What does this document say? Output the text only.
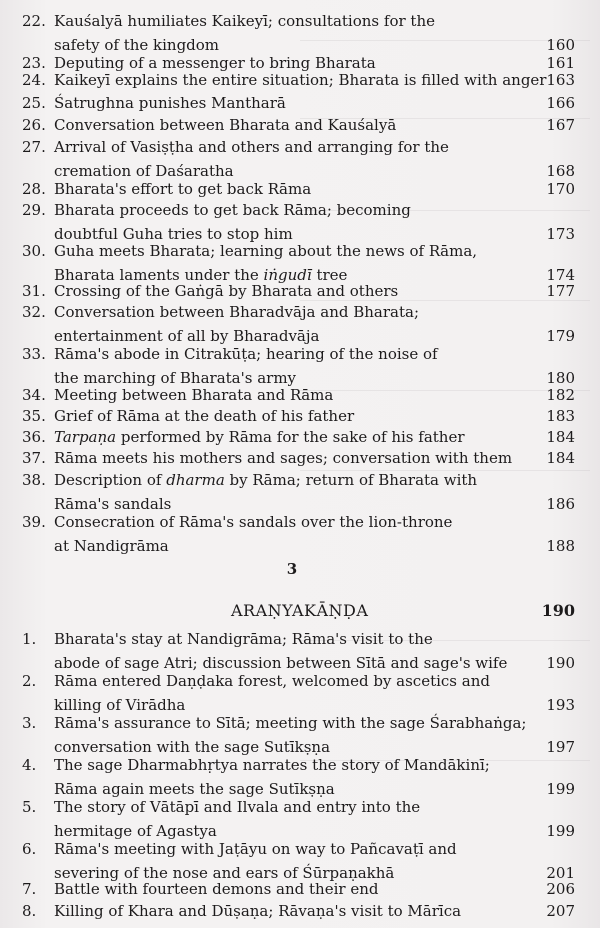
22. Kauśalyā humiliates Kaikeyī; consultations for the
safety of the kingdom	160
23. Deputing of a messenger to bring Bharata	161
24. Kaikeyī explains the entire situation; Bharata is filled with anger 163
25. Śatrughna punishes Mantharā	166
26. Conversation between Bharata and Kauśalyā	167
27. Arrival of Vasiṣṭha and others and arranging for the
cremation of Daśaratha	168
28. Bharata's effort to get back Rāma	170
29. Bharata proceeds to get back Rāma; becoming
doubtful Guha tries to stop him	173
30. Guha meets Bharata; learning about the news of Rāma,
Bharata laments under the iṅgudī tree	174
31. Crossing of the Gaṅgā by Bharata and others	177
32. Conversation between Bharadvāja and Bharata;
entertainment of all by Bharadvāja	179
33. Rāma's abode in Citrakūṭa; hearing of the noise of
the marching of Bharata's army	180
34. Meeting between Bharata and Rāma	182
35. Grief of Rāma at the death of his father	183
36. Tarpaṇa performed by Rāma for the sake of his father	184
37. Rāma meets his mothers and sages; conversation with them	184
38. Description of dharma by Rāma; return of Bharata with
Rāma's sandals	186
39. Consecration of Rāma's sandals over the lion-throne
at Nandigrāma	188
3
ARAṆYAKĀṆḌA	190
1.	Bharata's stay at Nandigrāma; Rāma's visit to the
abode of sage Atri; discussion between Sītā and sage's wife	190
2.	Rāma entered Daṇḍaka forest, welcomed by ascetics and
killing of Virādha	193
3.	Rāma's assurance to Sītā; meeting with the sage Śarabhaṅga;
conversation with the sage Sutīkṣṇa	197
4.	The sage Dharmabhṛtya narrates the story of Mandākinī;
Rāma again meets the sage Sutīkṣṇa	199
5.	The story of Vātāpī and Ilvala and entry into the
hermitage of Agastya	199
6.	Rāma's meeting with Jaṭāyu on way to Pañcavaṭī and
severing of the nose and ears of Śūrpaṇakhā	201
7.	Battle with fourteen demons and their end	206
8.	Killing of Khara and Dūṣaṇa; Rāvaṇa's visit to Mārīca	207
